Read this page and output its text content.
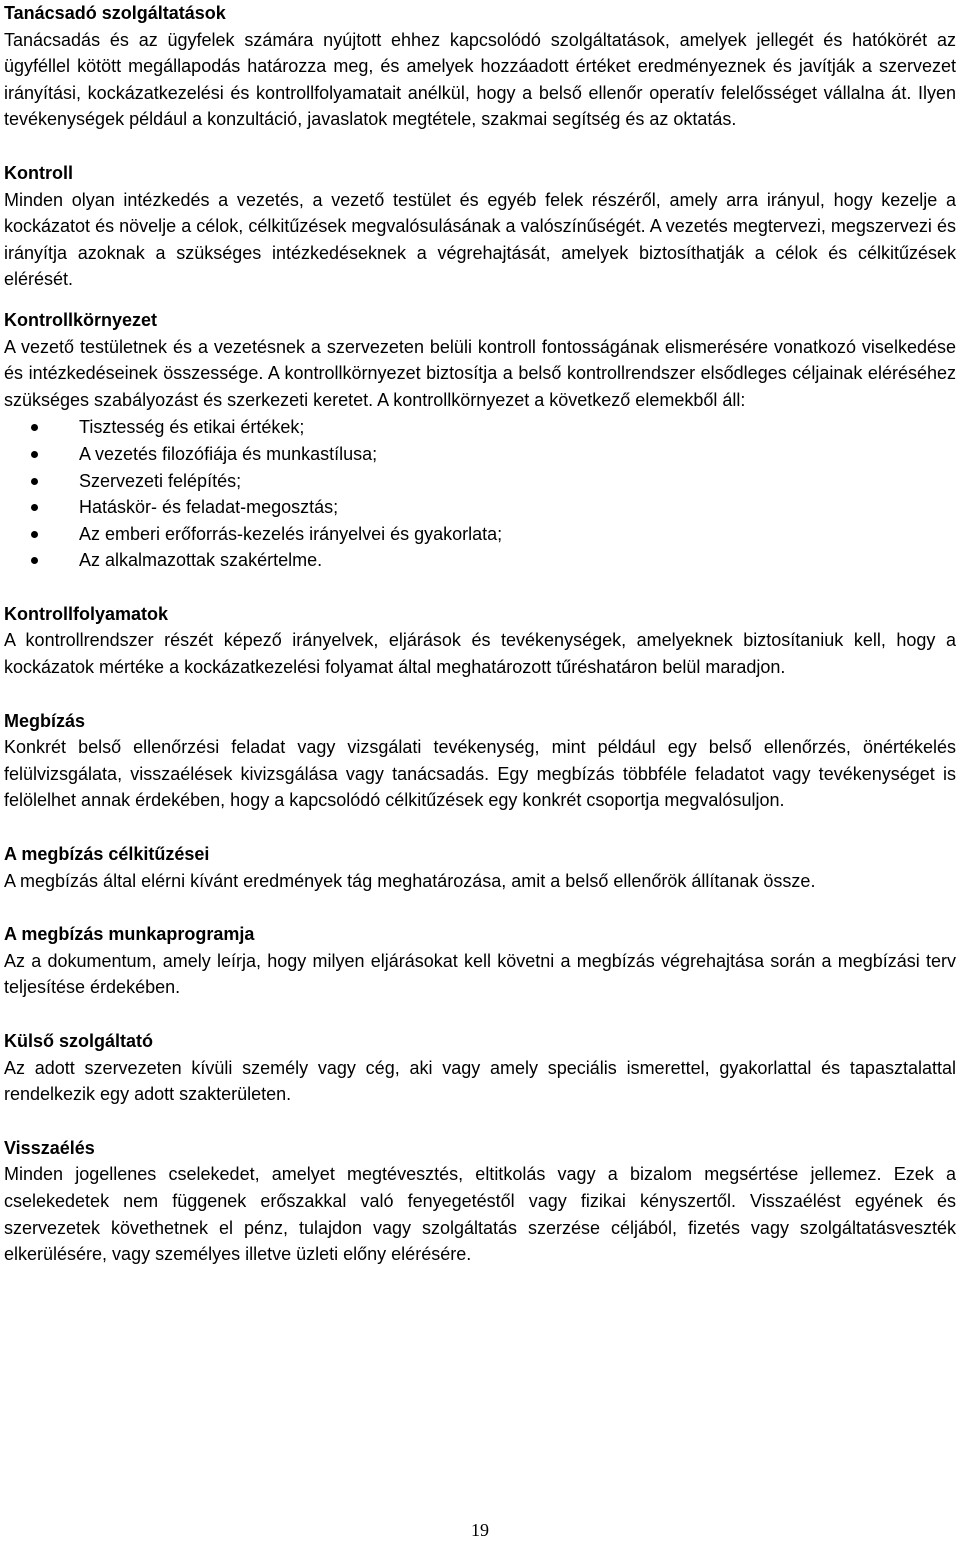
Tanácsadó szolgáltatások

Tanácsadás és az ügyfelek számára nyújtott ehhez kapcsolódó szolgáltatások, amelyek jellegét és hatókörét az ügyféllel kötött megállapodás határozza meg, és amelyek hozzáadott értéket eredményeznek és javítják a szervezet irányítási, kockázatkezelési és kontrollfolyamatait anélkül, hogy a belső ellenőr operatív felelősséget vállalna át. Ilyen tevékenységek például a konzultáció, javaslatok megtétele, szakmai segítség és az oktatás.

Kontroll

Minden olyan intézkedés a vezetés, a vezető testület és egyéb felek részéről, amely arra irányul, hogy kezelje a kockázatot és növelje a célok, célkitűzések megvalósulásának a valószínűségét. A vezetés megtervezi, megszervezi és irányítja azoknak a szükséges intézkedéseknek a végrehajtását, amelyek biztosíthatják a célok és célkitűzések elérését.

Kontrollkörnyezet

A vezető testületnek és a vezetésnek a szervezeten belüli kontroll fontosságának elismerésére vonatkozó viselkedése és intézkedéseinek összessége. A kontrollkörnyezet biztosítja a belső kontrollrendszer elsődleges céljainak eléréséhez szükséges szabályozást és szerkezeti keretet. A kontrollkörnyezet a következő elemekből áll:

Tisztesség és etikai értékek;
A vezetés filozófiája és munkastílusa;
Szervezeti felépítés;
Hatáskör- és feladat-megosztás;
Az emberi erőforrás-kezelés irányelvei és gyakorlata;
Az alkalmazottak szakértelme.

Kontrollfolyamatok

A kontrollrendszer részét képező irányelvek, eljárások és tevékenységek, amelyeknek biztosítaniuk kell, hogy a kockázatok mértéke a kockázatkezelési folyamat által meghatározott tűréshatáron belül maradjon.

Megbízás

Konkrét belső ellenőrzési feladat vagy vizsgálati tevékenység, mint például egy belső ellenőrzés, önértékelés felülvizsgálata, visszaélések kivizsgálása vagy tanácsadás. Egy megbízás többféle feladatot vagy tevékenységet is felölelhet annak érdekében, hogy a kapcsolódó célkitűzések egy konkrét csoportja megvalósuljon.

A megbízás célkitűzései

A megbízás által elérni kívánt eredmények tág meghatározása, amit a belső ellenőrök állítanak össze.

A megbízás munkaprogramja

Az a dokumentum, amely leírja, hogy milyen eljárásokat kell követni a megbízás végrehajtása során a megbízási terv teljesítése érdekében.

Külső szolgáltató

Az adott szervezeten kívüli személy vagy cég, aki vagy amely speciális ismerettel, gyakorlattal és tapasztalattal rendelkezik egy adott szakterületen.

Visszaélés

Minden jogellenes cselekedet, amelyet megtévesztés, eltitkolás vagy a bizalom megsértése jellemez. Ezek a cselekedetek nem függenek erőszakkal való fenyegetéstől vagy fizikai kényszertől. Visszaélést egyének és szervezetek követhetnek el pénz, tulajdon vagy szolgáltatás szerzése céljából, fizetés vagy szolgáltatásveszték elkerülésére, vagy személyes illetve üzleti előny elérésére.

19
